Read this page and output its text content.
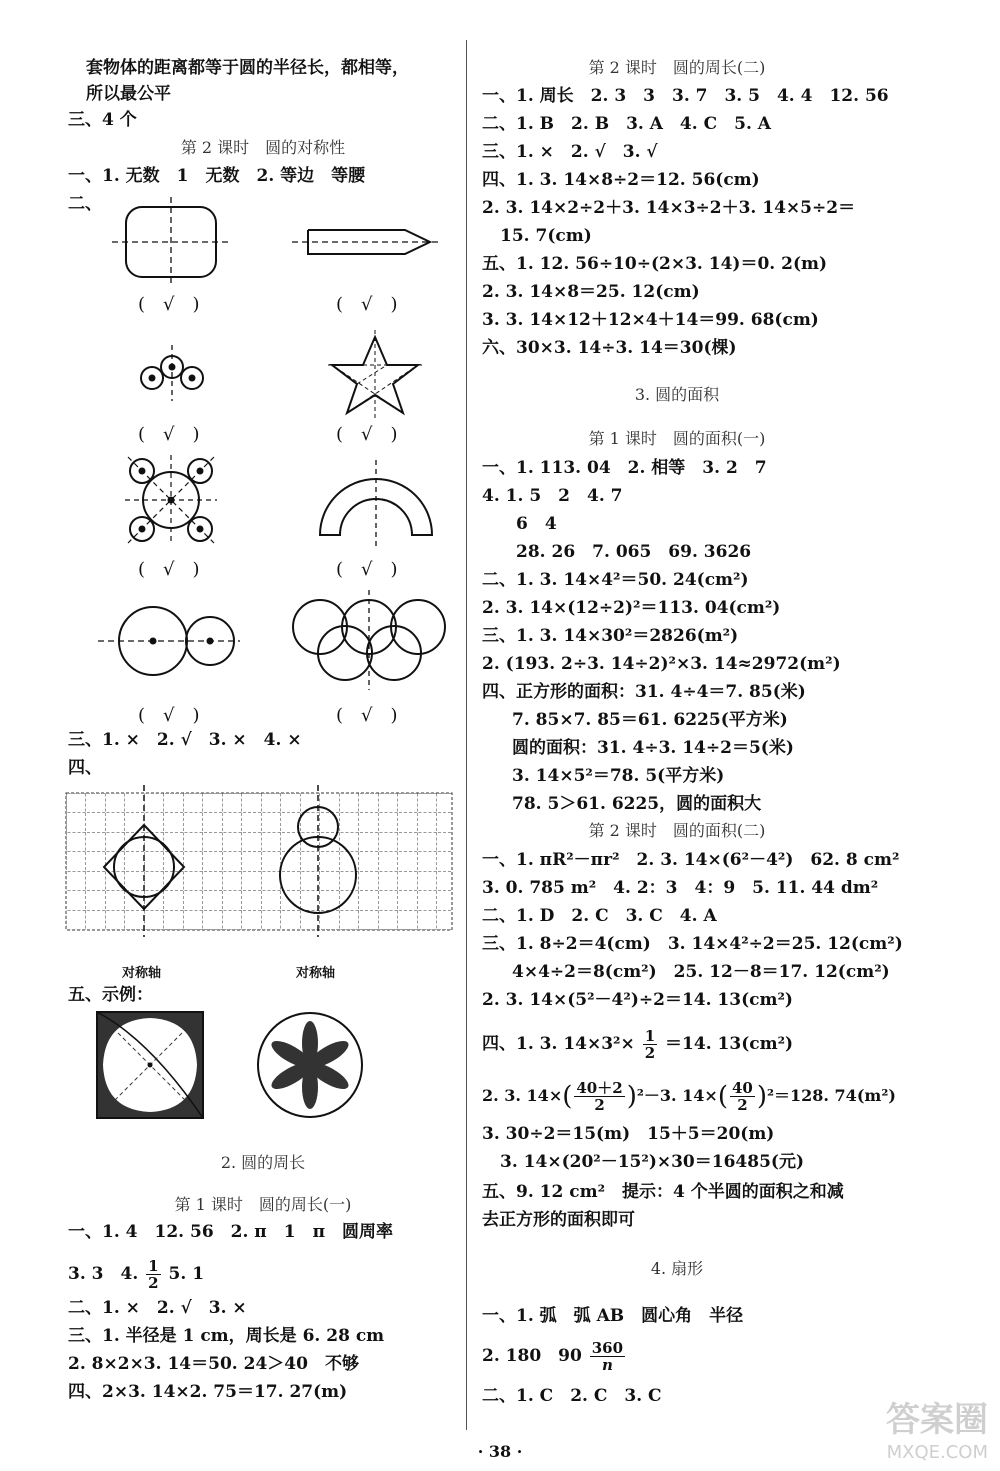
套物体的距离都等于圆的半径长，都相等，
所以最公平
三、4 个
第 2 课时　圆的对称性
一、1. 无数　1　无数　2. 等边　等腰
二、
(　√　)	(　√　)
(　√　)	(　√　)
(　√　)	(　√　)
(　√　)	(　√　)
三、1. ×　2. √　3. ×　4. ×
四、
对称轴	对称轴
五、示例：
2. 圆的周长
第 1 课时　圆的周长(一)
一、1. 4　12. 56　2. π　1　π　圆周率
3. 3　4. $\frac{1}{2} 5$. 1
二、1. ×　2. √　3. ×
三、1. 半径是 1 cm，周长是 6. 28 cm
2. 8×2×3. 14＝50. 24＞40　不够
四、2×3. 14×2. 75＝17. 27(m)
第 2 课时　圆的周长(二)
一、1. 周长　2. 3　3　3. 7　3. 5　4. 4　12. 56
二、1. B　2. B　3. A　4. C　5. A
三、1. ×　2. √　3. √
四、1. 3. 14×8÷2＝12. 56(cm)
2. 3. 14×2÷2＋3. 14×3÷2＋3. 14×5÷2＝
15. 7(cm)
五、1. 12. 56÷10÷(2×3. 14)＝0. 2(m)
2. 3. 14×8＝25. 12(cm)
3. 3. 14×12＋12×4＋14＝99. 68(cm)
六、30×3. 14÷3. 14＝30(棵)
3. 圆的面积
第 1 课时　圆的面积(一)
一、1. 113. 04　2. 相等　3. 2　7
4. 1. 5　2　4. 7
6　4
28. 26　7. 065　69. 3626
二、1. 3. 14×4²＝50. 24(cm²)
2. 3. 14×(12÷2)²＝113. 04(cm²)
三、1. 3. 14×30²＝2826(m²)
2. (193. 2÷3. 14÷2)²×3. 14≈2972(m²)
四、正方形的面积：31. 4÷4＝7. 85(米)
7. 85×7. 85＝61. 6225(平方米)
圆的面积：31. 4÷3. 14÷2＝5(米)
3. 14×5²＝78. 5(平方米)
78. 5＞61. 6225，圆的面积大
第 2 课时　圆的面积(二)
一、1. πR²－πr²　2. 3. 14×(6²－4²)　62. 8 cm²
3. 0. 785 m²　4. 2：3　4：9　5. 11. 44 dm²
二、1. D　2. C　3. C　4. A
三、1. 8÷2＝4(cm)　3. 14×4²÷2＝25. 12(cm²)
4×4÷2＝8(cm²)　25. 12－8＝17. 12(cm²)
2. 3. 14×(5²－4²)÷2＝14. 13(cm²)
四、1. 3. $14\times 3^2\times \frac{1}{2} =14$. 13(cm²)
2. 3. $14\times( \frac{40+2}{2} )^2-3$. $14\times( \frac{40}{2} )^2=128$. 74(m²)
3. 30÷2＝15(m)　15＋5＝20(m)
3. 14×(20²－15²)×30＝16485(元)
五、9. 12 cm²　提示：4 个半圆的面积之和减
去正方形的面积即可
4. 扇形
一、1. 弧　弧 AB　圆心角　半径
2. 180　$90 \frac{360}{n}$
二、1. C　2. C　3. C
· 38 ·
答案圈
MXQE.COM
